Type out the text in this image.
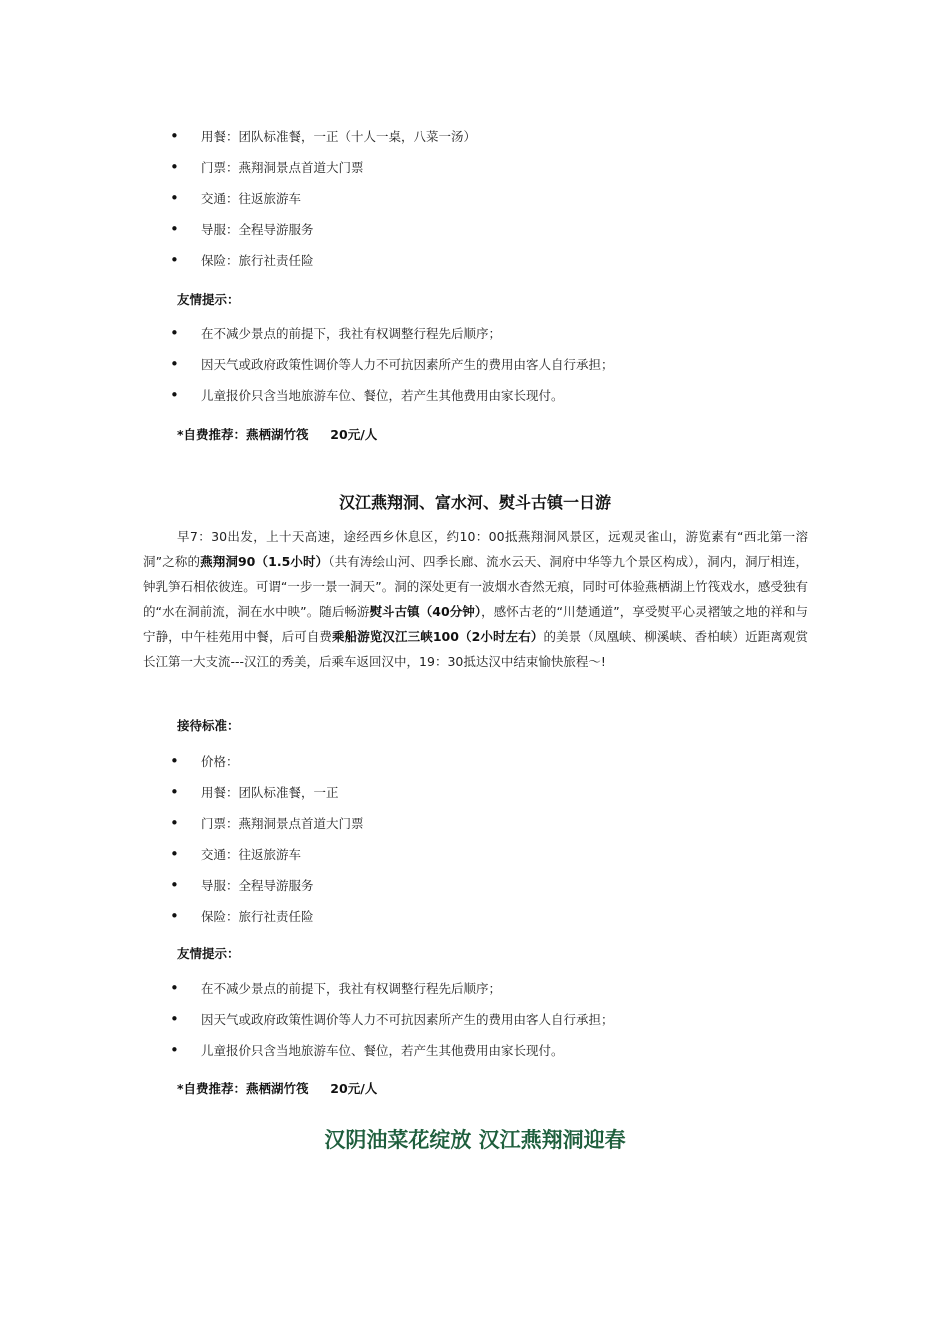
• 用餐：团队标准餐，一正（十人一桌，八菜一汤）
• 门票：燕翔洞景点首道大门票
• 交通：往返旅游车
• 导服：全程导游服务
• 保险：旅行社责任险
友情提示：
• 在不减少景点的前提下，我社有权调整行程先后顺序；
• 因天气或政府政策性调价等人力不可抗因素所产生的费用由客人自行承担；
• 儿童报价只含当地旅游车位、餐位，若产生其他费用由家长现付。
*自费推荐：燕栖湖竹筏     20元/人
汉江燕翔洞、富水河、熨斗古镇一日游
早7：30出发，上十天高速，途经西乡休息区，约10：00抵燕翔洞风景区，远观灵雀山，游览素有“西北第一溶洞”之称的燕翔洞90（1.5小时）（共有涛绘山河、四季长廊、流水云天、洞府中华等九个景区构成），洞内，洞厅相连，钟乳笋石相依彼连。可谓“一步一景一洞天”。洞的深处更有一波烟水杳然无痕，同时可体验燕栖湖上竹筏戏水，感受独有的“水在洞前流，洞在水中映”。随后畅游熨斗古镇（40分钟），感怀古老的“川楚通道”，享受熨平心灵褶皱之地的祥和与宁静，中午桂苑用中餐，后可自费乘船游览汉江三峡100（2小时左右）的美景（凤凰峡、柳溪峡、香柏峡）近距离观赏长江第一大支流---汉江的秀美，后乘车返回汉中，19：30抵达汉中结束愉快旅程～!
接待标准：
• 价格：
• 用餐：团队标准餐，一正
• 门票：燕翔洞景点首道大门票
• 交通：往返旅游车
• 导服：全程导游服务
• 保险：旅行社责任险
友情提示：
• 在不减少景点的前提下，我社有权调整行程先后顺序；
• 因天气或政府政策性调价等人力不可抗因素所产生的费用由客人自行承担；
• 儿童报价只含当地旅游车位、餐位，若产生其他费用由家长现付。
*自费推荐：燕栖湖竹筏     20元/人
汉阴油菜花绽放 汉江燕翔洞迎春
